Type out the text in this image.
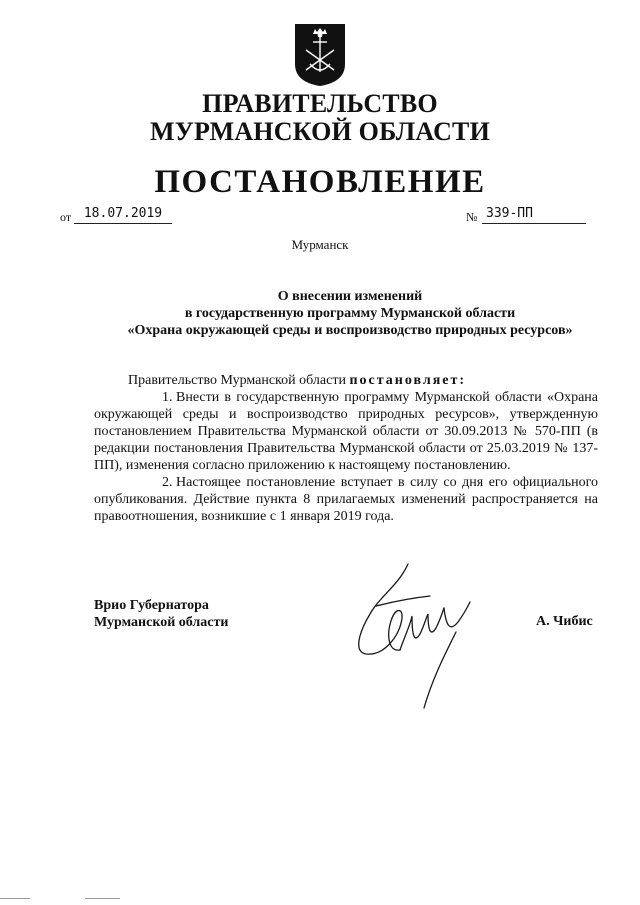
ПРАВИТЕЛЬСТВО
МУРМАНСКОЙ ОБЛАСТИ
ПОСТАНОВЛЕНИЕ
от 18.07.2019	№ 339-ПП
Мурманск
О внесении изменений
в государственную программу Мурманской области
«Охрана окружающей среды и воспроизводство природных ресурсов»

Правительство Мурманской области постановляет:

1. Внести в государственную программу Мурманской области «Охрана окружающей среды и воспроизводство природных ресурсов», утвержденную постановлением Правительства Мурманской области от 30.09.2013 № 570-ПП (в редакции постановления Правительства Мурманской области от 25.03.2019 № 137-ПП), изменения согласно приложению к настоящему постановлению.

2. Настоящее постановление вступает в силу со дня его официального опубликования. Действие пункта 8 прилагаемых изменений распространяется на правоотношения, возникшие с 1 января 2019 года.

Врио Губернатора
Мурманской области	А. Чибис
